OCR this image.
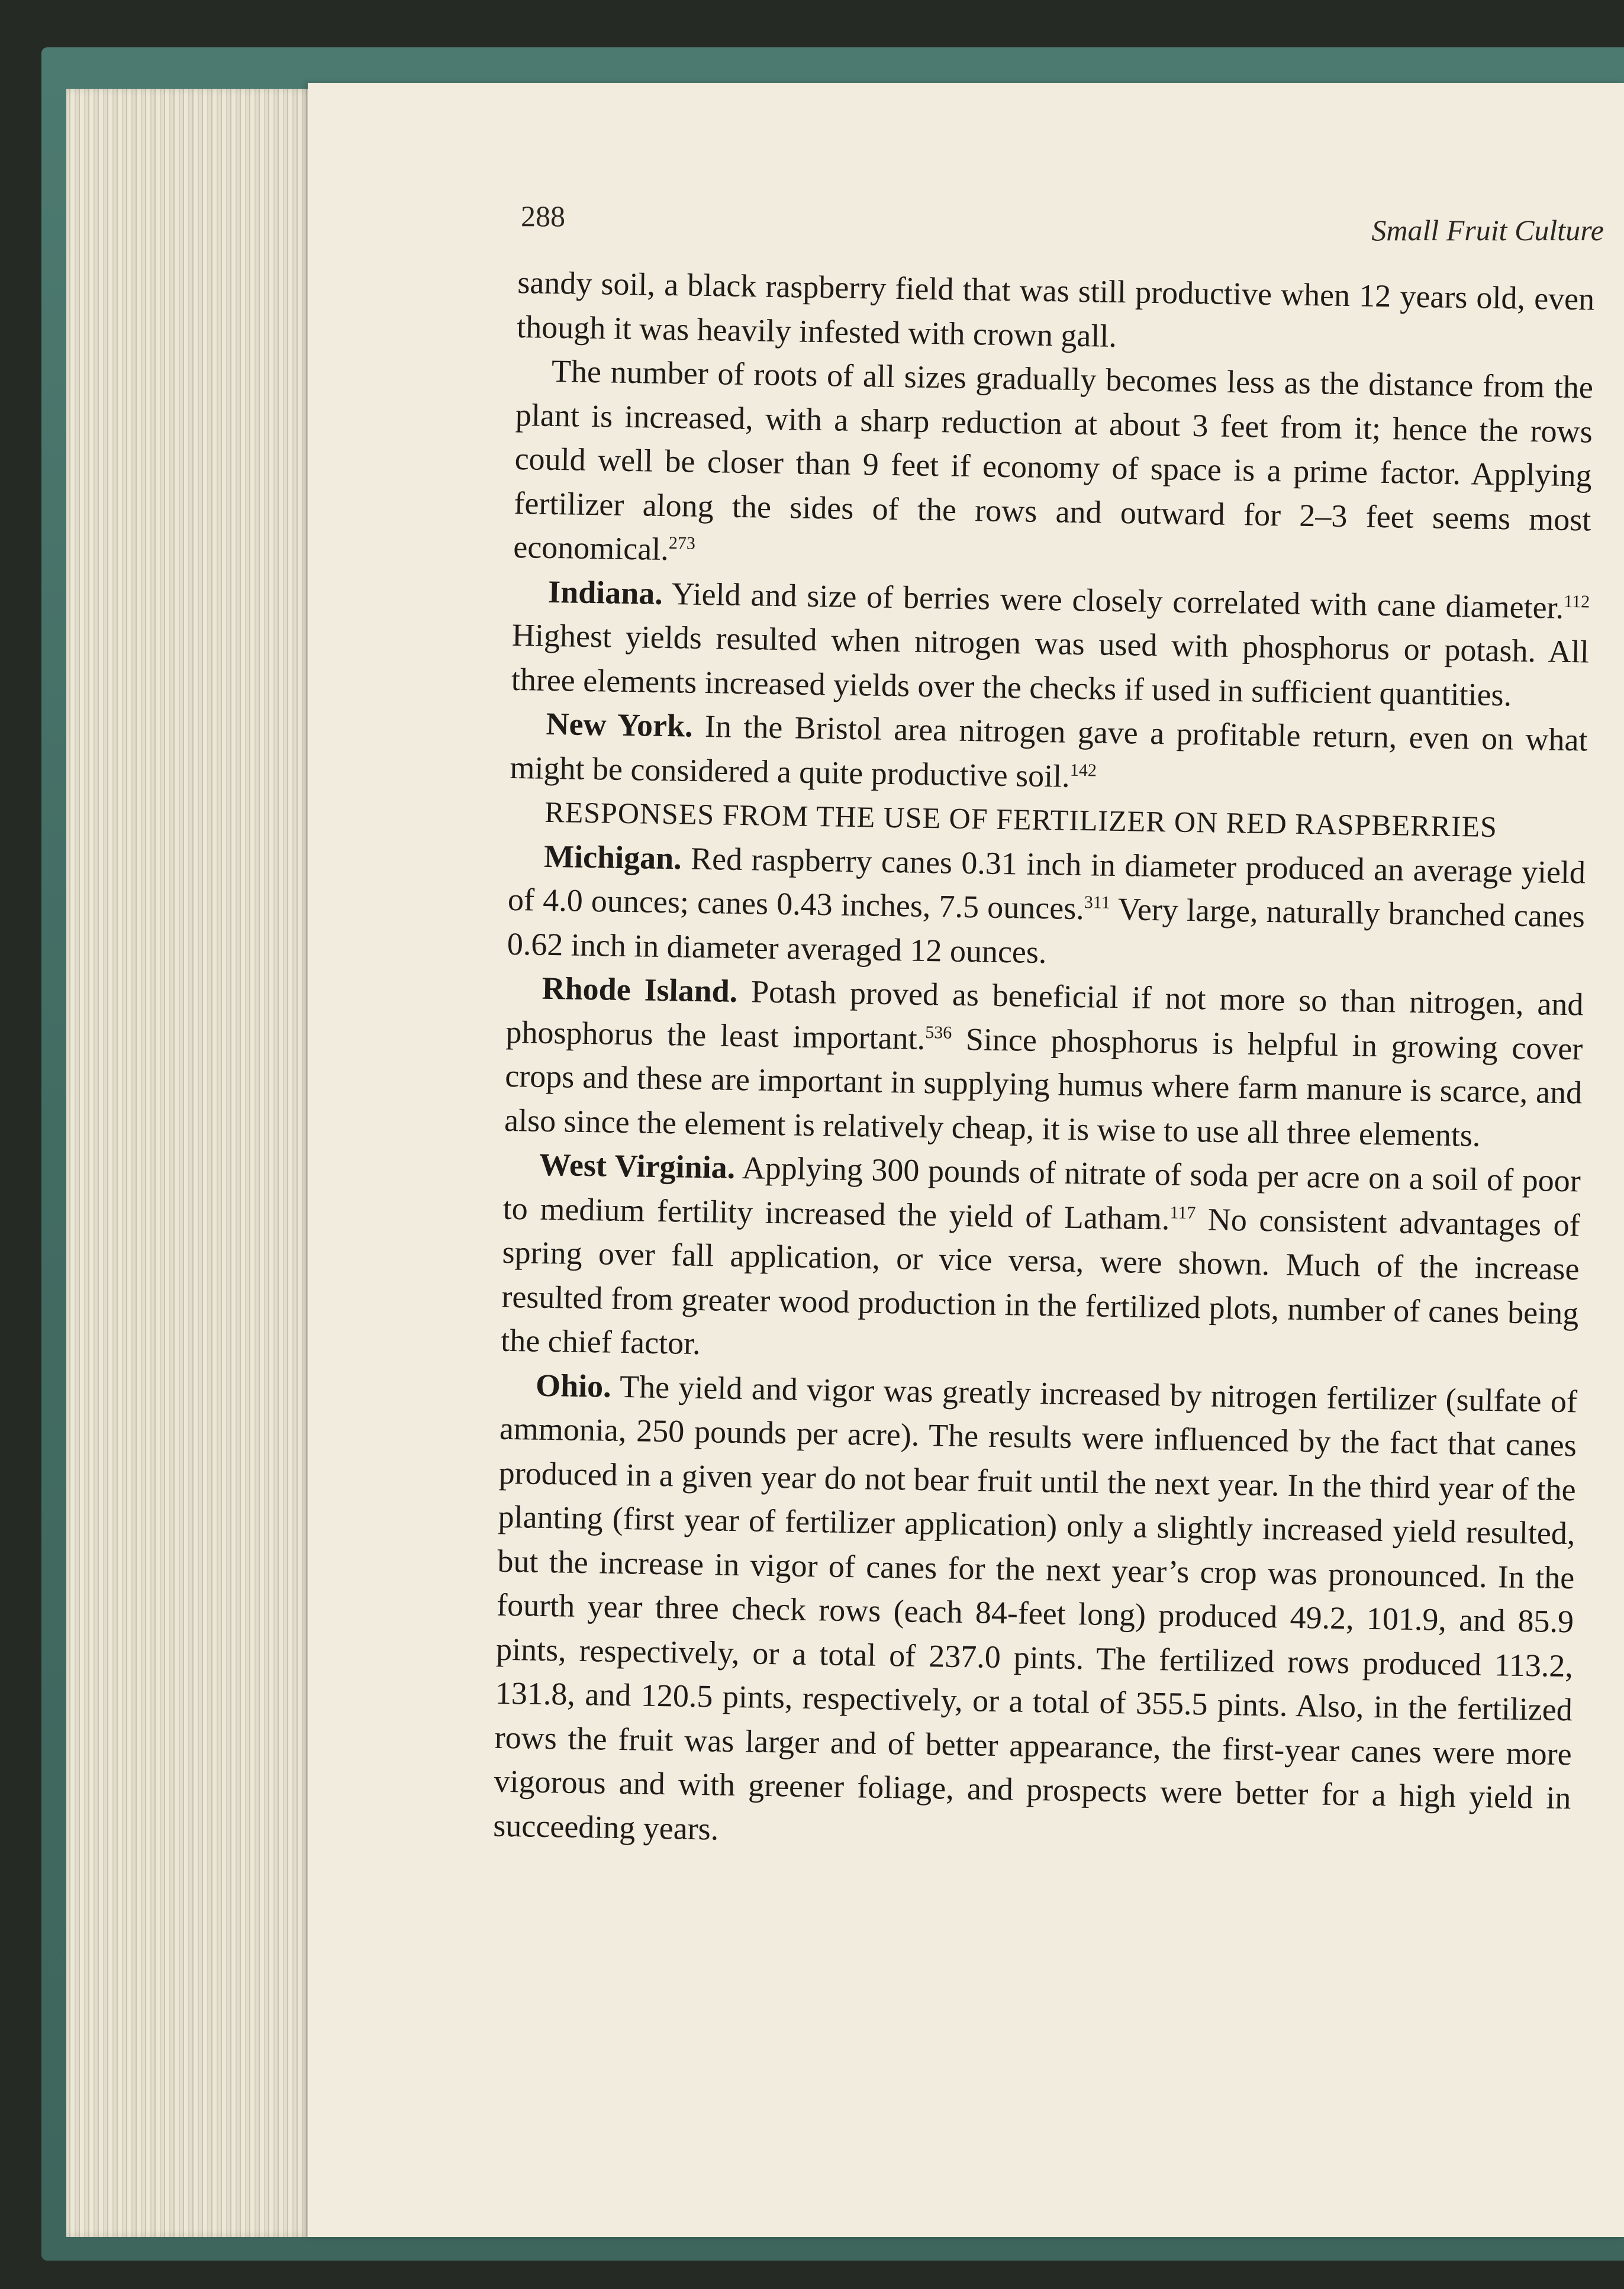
288	Small Fruit Culture

sandy soil, a black raspberry field that was still productive when 12 years old, even though it was heavily infested with crown gall.

The number of roots of all sizes gradually becomes less as the distance from the plant is increased, with a sharp reduction at about 3 feet from it; hence the rows could well be closer than 9 feet if economy of space is a prime factor. Applying fertilizer along the sides of the rows and outward for 2–3 feet seems most economical.$^{273}$

Indiana. Yield and size of berries were closely correlated with cane diameter.$^{112}$ Highest yields resulted when nitrogen was used with phosphorus or potash. All three elements increased yields over the checks if used in sufficient quantities.

New York. In the Bristol area nitrogen gave a profitable return, even on what might be considered a quite productive soil.$^{142}$

RESPONSES FROM THE USE OF FERTILIZER ON RED RASPBERRIES

Michigan. Red raspberry canes 0.31 inch in diameter produced an average yield of 4.0 ounces; canes 0.43 inches, 7.5 ounces.$^{311}$ Very large, naturally branched canes 0.62 inch in diameter averaged 12 ounces.

Rhode Island. Potash proved as beneficial if not more so than nitrogen, and phosphorus the least important.$^{536}$ Since phosphorus is helpful in growing cover crops and these are important in supplying humus where farm manure is scarce, and also since the element is relatively cheap, it is wise to use all three elements.

West Virginia. Applying 300 pounds of nitrate of soda per acre on a soil of poor to medium fertility increased the yield of Latham.$^{117}$ No consistent advantages of spring over fall application, or vice versa, were shown. Much of the increase resulted from greater wood production in the fertilized plots, number of canes being the chief factor.

Ohio. The yield and vigor was greatly increased by nitrogen fertilizer (sulfate of ammonia, 250 pounds per acre). The results were influenced by the fact that canes produced in a given year do not bear fruit until the next year. In the third year of the planting (first year of fertilizer application) only a slightly increased yield resulted, but the increase in vigor of canes for the next year’s crop was pronounced. In the fourth year three check rows (each 84-feet long) produced 49.2, 101.9, and 85.9 pints, respectively, or a total of 237.0 pints. The fertilized rows produced 113.2, 131.8, and 120.5 pints, respectively, or a total of 355.5 pints. Also, in the fertilized rows the fruit was larger and of better appearance, the first-year canes were more vigorous and with greener foliage, and prospects were better for a high yield in succeeding years.
